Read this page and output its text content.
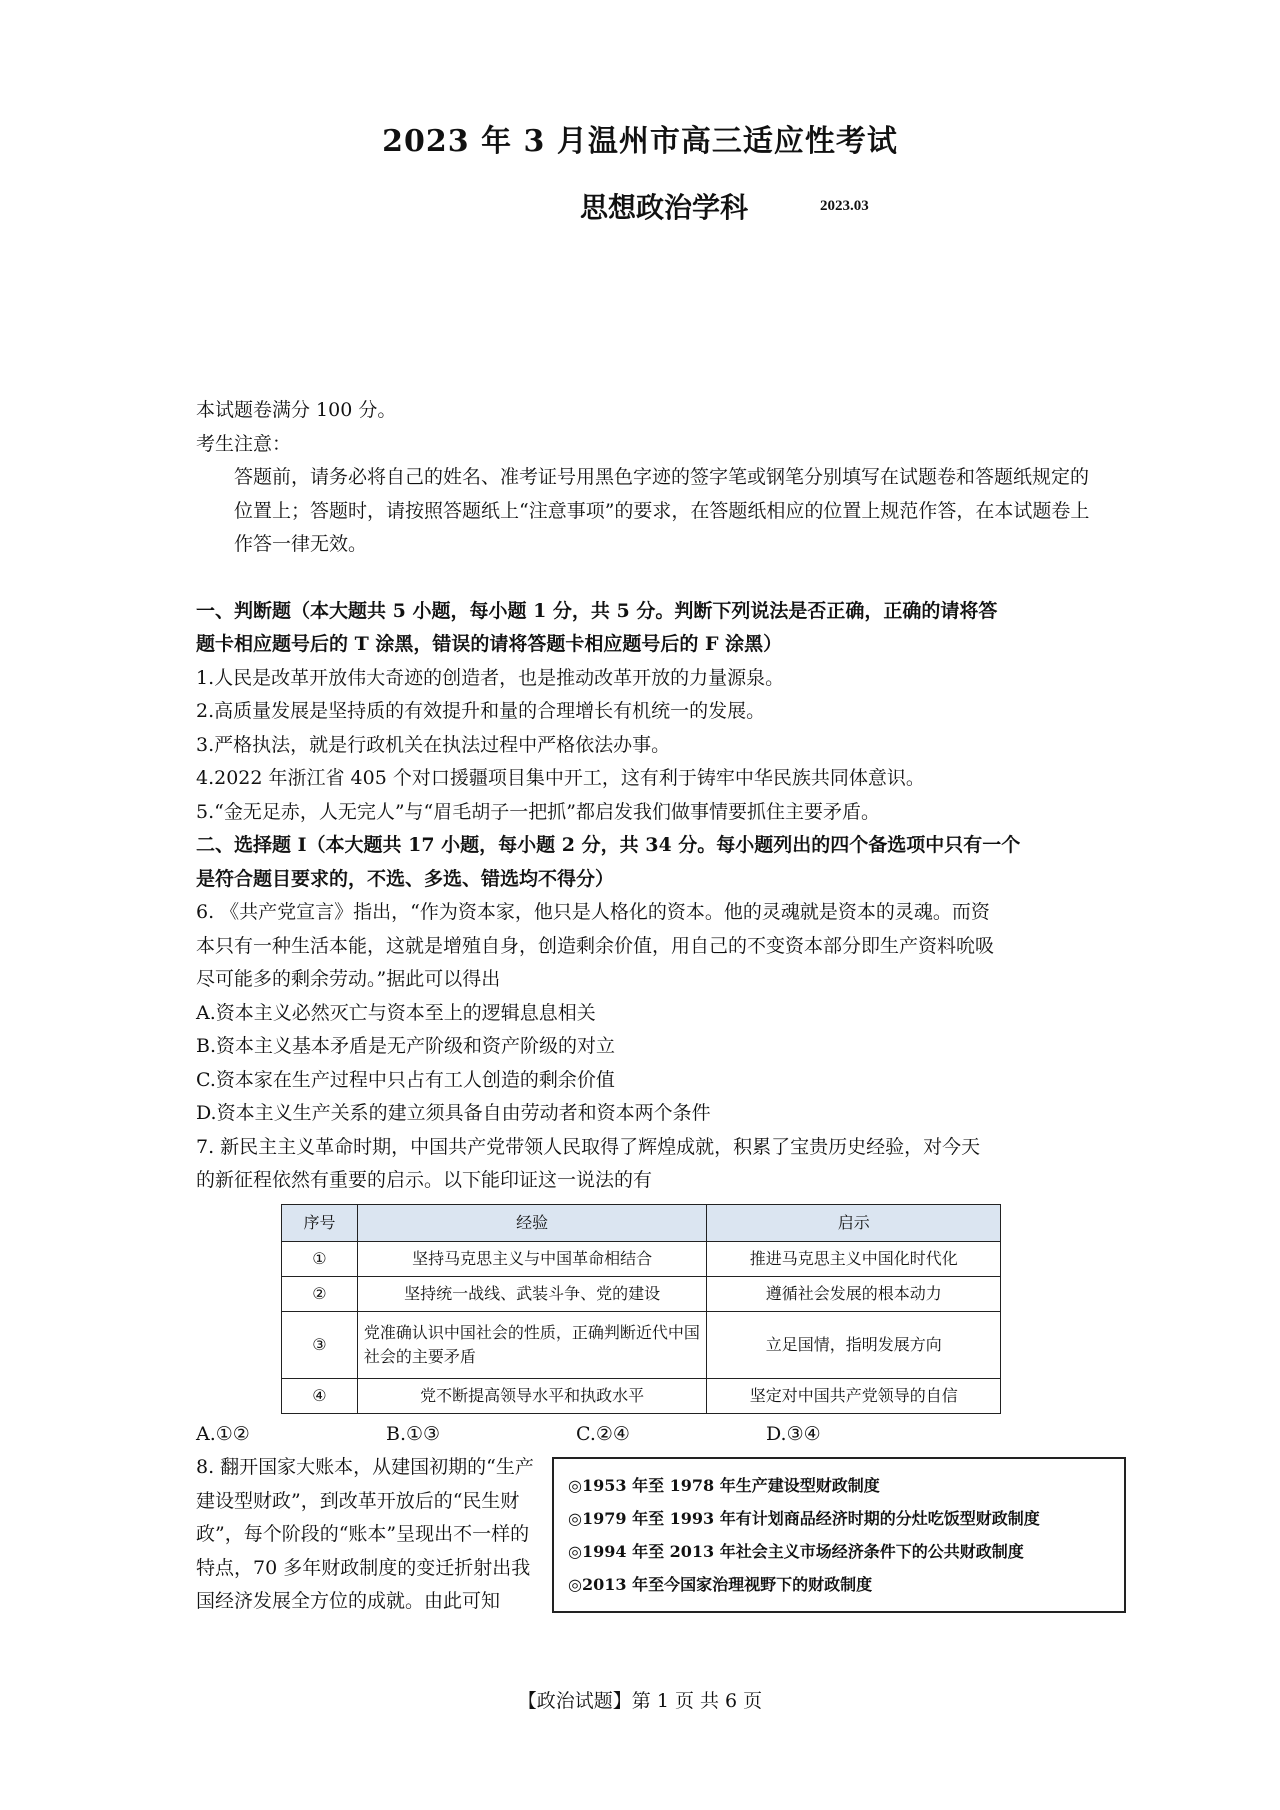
2023 年 3 月温州市高三适应性考试
思想政治学科	2023.03
本试题卷满分 100 分。
考生注意：
答题前，请务必将自己的姓名、准考证号用黑色字迹的签字笔或钢笔分别填写在试题卷和答题纸规定的位置上；答题时，请按照答题纸上“注意事项”的要求，在答题纸相应的位置上规范作答，在本试题卷上作答一律无效。
一、判断题（本大题共 5 小题，每小题 1 分，共 5 分。判断下列说法是否正确，正确的请将答
题卡相应题号后的 T 涂黑，错误的请将答题卡相应题号后的 F 涂黑）
1.人民是改革开放伟大奇迹的创造者，也是推动改革开放的力量源泉。
2.高质量发展是坚持质的有效提升和量的合理增长有机统一的发展。
3.严格执法，就是行政机关在执法过程中严格依法办事。
4.2022 年浙江省 405 个对口援疆项目集中开工，这有利于铸牢中华民族共同体意识。
5.“金无足赤，人无完人”与“眉毛胡子一把抓”都启发我们做事情要抓住主要矛盾。
二、选择题 I（本大题共 17 小题，每小题 2 分，共 34 分。每小题列出的四个备选项中只有一个
是符合题目要求的，不选、多选、错选均不得分）
6. 《共产党宣言》指出，“作为资本家，他只是人格化的资本。他的灵魂就是资本的灵魂。而资
本只有一种生活本能，这就是增殖自身，创造剩余价值，用自己的不变资本部分即生产资料吮吸
尽可能多的剩余劳动。”据此可以得出
A.资本主义必然灭亡与资本至上的逻辑息息相关
B.资本主义基本矛盾是无产阶级和资产阶级的对立
C.资本家在生产过程中只占有工人创造的剩余价值
D.资本主义生产关系的建立须具备自由劳动者和资本两个条件
7. 新民主主义革命时期，中国共产党带领人民取得了辉煌成就，积累了宝贵历史经验，对今天
的新征程依然有重要的启示。以下能印证这一说法的有
序号	经验	启示
①	坚持马克思主义与中国革命相结合	推进马克思主义中国化时代化
②	坚持统一战线、武装斗争、党的建设	遵循社会发展的根本动力
③	党准确认识中国社会的性质，正确判断近代中国社会的主要矛盾	立足国情，指明发展方向
④	党不断提高领导水平和执政水平	坚定对中国共产党领导的自信
A.①②	B.①③	C.②④	D.③④
8. 翻开国家大账本，从建国初期的“生产建设型财政”，到改革开放后的“民生财政”，每个阶段的“账本”呈现出不一样的特点，70 多年财政制度的变迁折射出我国经济发展全方位的成就。由此可知
◎1953 年至 1978 年生产建设型财政制度
◎1979 年至 1993 年有计划商品经济时期的分灶吃饭型财政制度
◎1994 年至 2013 年社会主义市场经济条件下的公共财政制度
◎2013 年至今国家治理视野下的财政制度
【政治试题】第 1 页 共 6 页
